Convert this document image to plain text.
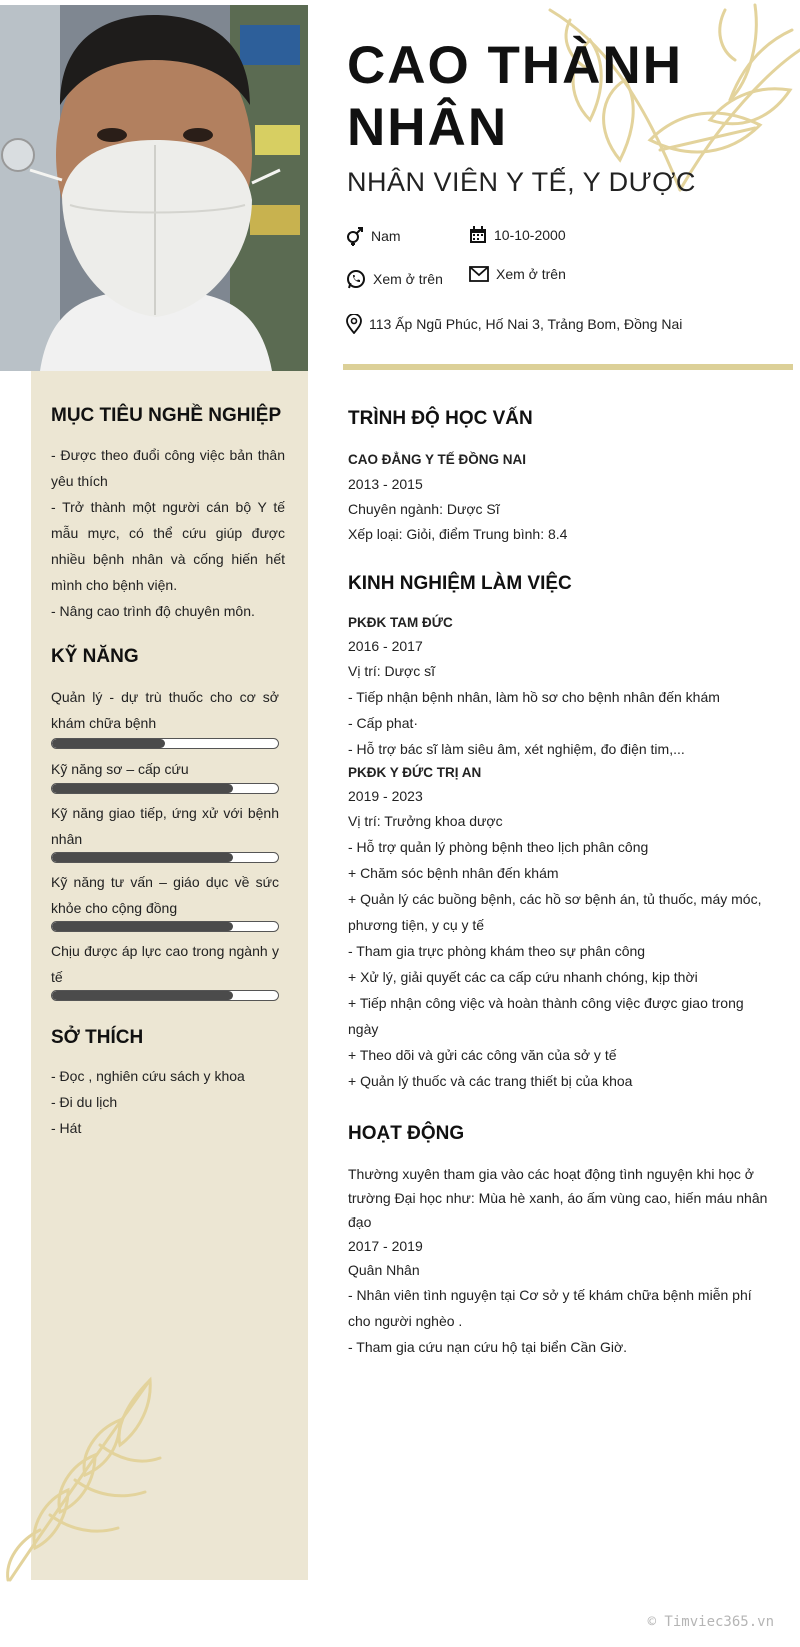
CAO THÀNH NHÂN
NHÂN VIÊN Y TẾ, Y DƯỢC
Nam	10-10-2000
Xem ở trên	Xem ở trên
113 Ấp Ngũ Phúc, Hố Nai 3, Trảng Bom, Đồng Nai
MỤC TIÊU NGHỀ NGHIỆP
- Được theo đuổi công việc bản thân yêu thích
- Trở thành một người cán bộ Y tế mẫu mực, có thể cứu giúp được nhiều bệnh nhân và cống hiến hết mình cho bệnh viện.
- Nâng cao trình độ chuyên môn.
KỸ NĂNG
Quản lý - dự trù thuốc cho cơ sở khám chữa bệnh
Kỹ năng sơ – cấp cứu
Kỹ năng giao tiếp, ứng xử với bệnh nhân
Kỹ năng tư vấn – giáo dục về sức khỏe cho cộng đồng
Chịu được áp lực cao trong ngành y tế
SỞ THÍCH
- Đọc , nghiên cứu sách y khoa
- Đi du lịch
- Hát
TRÌNH ĐỘ HỌC VẤN
CAO ĐẲNG Y TẾ ĐỒNG NAI
2013 - 2015
Chuyên ngành: Dược Sĩ
Xếp loại: Giỏi, điểm Trung bình: 8.4
KINH NGHIỆM LÀM VIỆC
PKĐK TAM ĐỨC
2016 - 2017
Vị trí: Dược sĩ
- Tiếp nhận bệnh nhân, làm hồ sơ cho bệnh nhân đến khám
- Cấp phat·
- Hỗ trợ bác sĩ làm siêu âm, xét nghiệm, đo điện tim,...
PKĐK Y ĐỨC TRỊ AN
2019 - 2023
Vị trí: Trưởng khoa dược
- Hỗ trợ quản lý phòng bệnh theo lịch phân công
+ Chăm sóc bệnh nhân đến khám
+ Quản lý các buồng bệnh, các hồ sơ bệnh án, tủ thuốc, máy móc, phương tiện, y cụ y tế
- Tham gia trực phòng khám theo sự phân công
+ Xử lý, giải quyết các ca cấp cứu nhanh chóng, kịp thời
+ Tiếp nhận công việc và hoàn thành công việc được giao trong ngày
+ Theo dõi và gửi các công văn của sở y tế
+ Quản lý thuốc và các trang thiết bị của khoa
HOẠT ĐỘNG
Thường xuyên tham gia vào các hoạt động tình nguyện khi học ở trường Đại học như: Mùa hè xanh, áo ấm vùng cao, hiến máu nhân đạo
2017 - 2019
Quân Nhân
- Nhân viên tình nguyện tại Cơ sở y tế khám chữa bệnh miễn phí cho người nghèo .
- Tham gia cứu nạn cứu hộ tại biển Cần Giờ.
© Timviec365.vn
